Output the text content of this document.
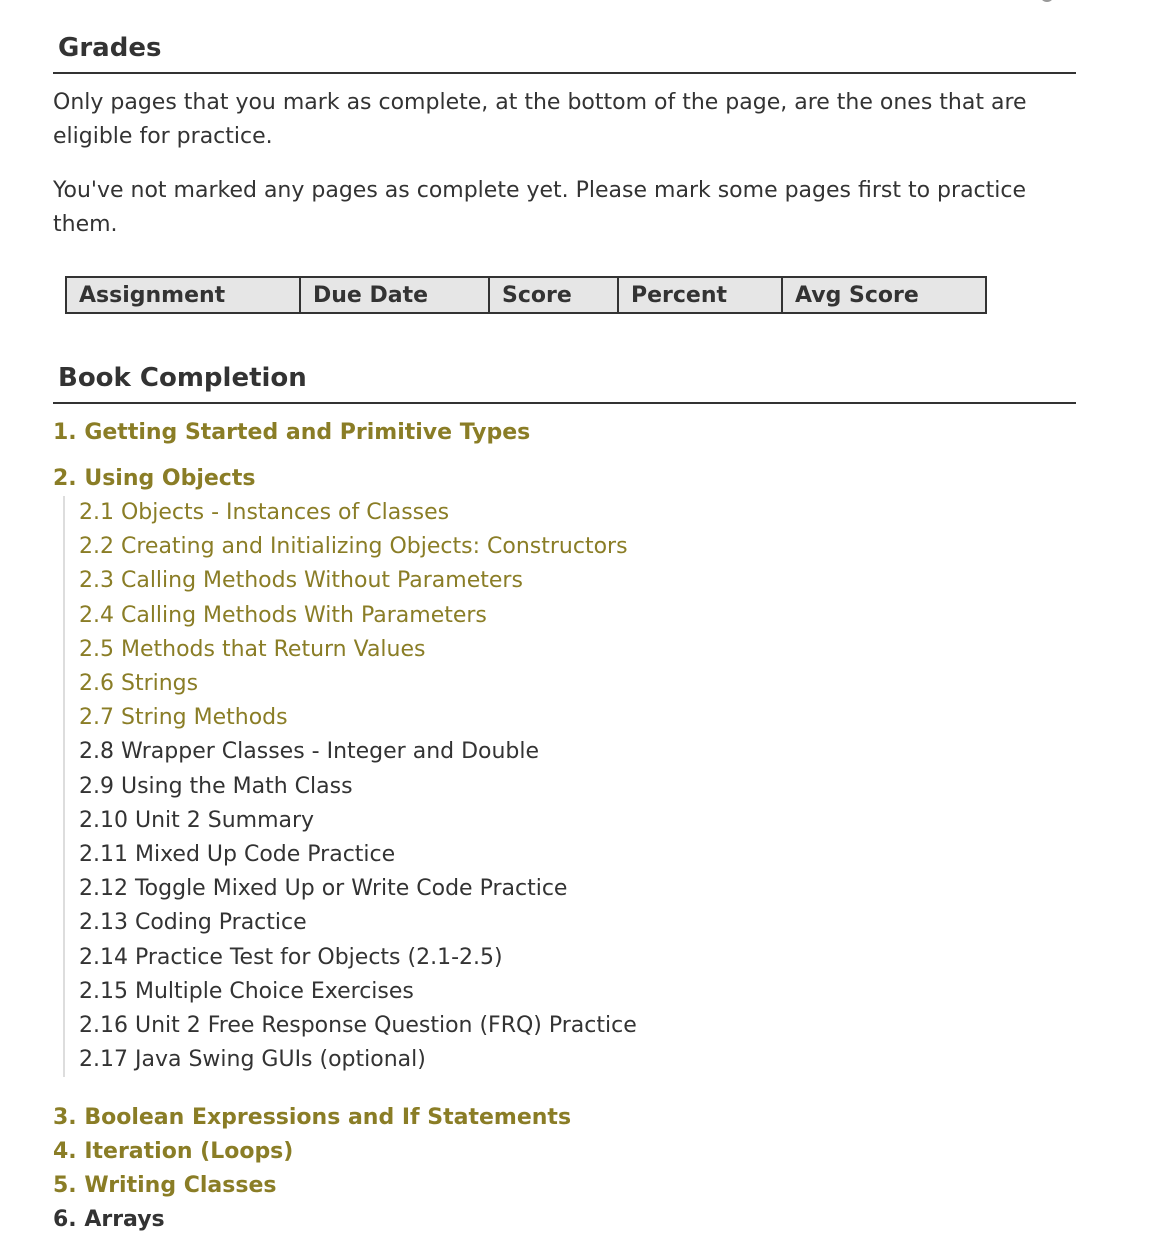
Grades

Only pages that you mark as complete, at the bottom of the page, are the ones that are eligible for practice.

You've not marked any pages as complete yet. Please mark some pages first to practice them.

Assignment	Due Date	Score	Percent	Avg Score
Book Completion
1. Getting Started and Primitive Types
2. Using Objects
2.1 Objects - Instances of Classes
2.2 Creating and Initializing Objects: Constructors
2.3 Calling Methods Without Parameters
2.4 Calling Methods With Parameters
2.5 Methods that Return Values
2.6 Strings
2.7 String Methods
2.8 Wrapper Classes - Integer and Double
2.9 Using the Math Class
2.10 Unit 2 Summary
2.11 Mixed Up Code Practice
2.12 Toggle Mixed Up or Write Code Practice
2.13 Coding Practice
2.14 Practice Test for Objects (2.1-2.5)
2.15 Multiple Choice Exercises
2.16 Unit 2 Free Response Question (FRQ) Practice
2.17 Java Swing GUIs (optional)
3. Boolean Expressions and If Statements
4. Iteration (Loops)
5. Writing Classes
6. Arrays
